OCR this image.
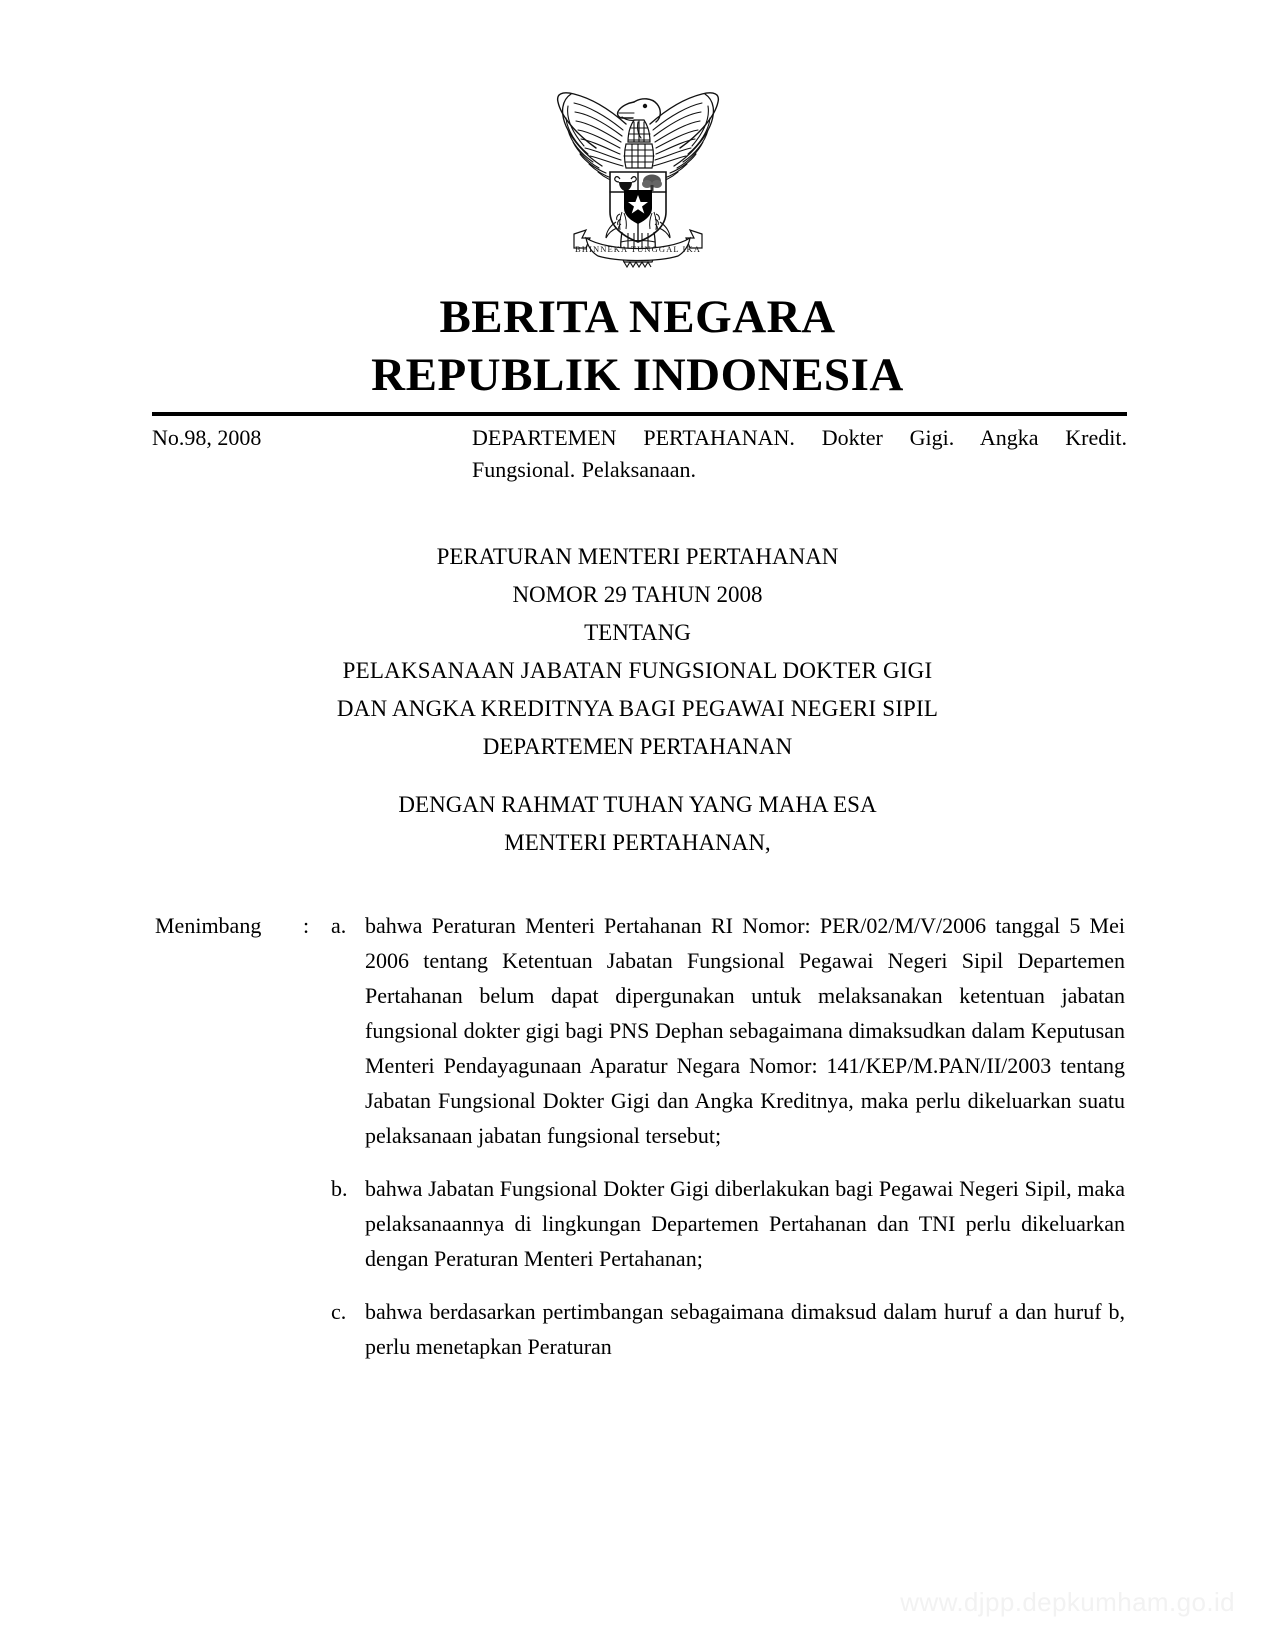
BHINNEKA TUNGGAL IKA
BERITA NEGARA
REPUBLIK INDONESIA
No.98, 2008	DEPARTEMEN PERTAHANAN. Dokter Gigi. Angka Kredit. Fungsional. Pelaksanaan.
PERATURAN MENTERI PERTAHANAN
NOMOR 29 TAHUN 2008
TENTANG
PELAKSANAAN JABATAN FUNGSIONAL DOKTER GIGI
DAN ANGKA KREDITNYA BAGI PEGAWAI NEGERI SIPIL
DEPARTEMEN PERTAHANAN
DENGAN RAHMAT TUHAN YANG MAHA ESA
MENTERI PERTAHANAN,
Menimbang	: a. bahwa Peraturan Menteri Pertahanan RI Nomor: PER/02/M/V/2006 tanggal 5 Mei 2006 tentang Ketentuan Jabatan Fungsional Pegawai Negeri Sipil Departemen Pertahanan belum dapat dipergunakan untuk melaksanakan ketentuan jabatan fungsional dokter gigi bagi PNS Dephan sebagaimana dimaksudkan dalam Keputusan Menteri Pendayagunaan Aparatur Negara Nomor: 141/KEP/M.PAN/II/2003 tentang Jabatan Fungsional Dokter Gigi dan Angka Kreditnya, maka perlu dikeluarkan suatu pelaksanaan jabatan fungsional tersebut;
b. bahwa Jabatan Fungsional Dokter Gigi diberlakukan bagi Pegawai Negeri Sipil, maka pelaksanaannya di lingkungan Departemen Pertahanan dan TNI perlu dikeluarkan dengan Peraturan Menteri Pertahanan;
c. bahwa berdasarkan pertimbangan sebagaimana dimaksud dalam huruf a dan huruf b, perlu menetapkan Peraturan
www.djpp.depkumham.go.id
